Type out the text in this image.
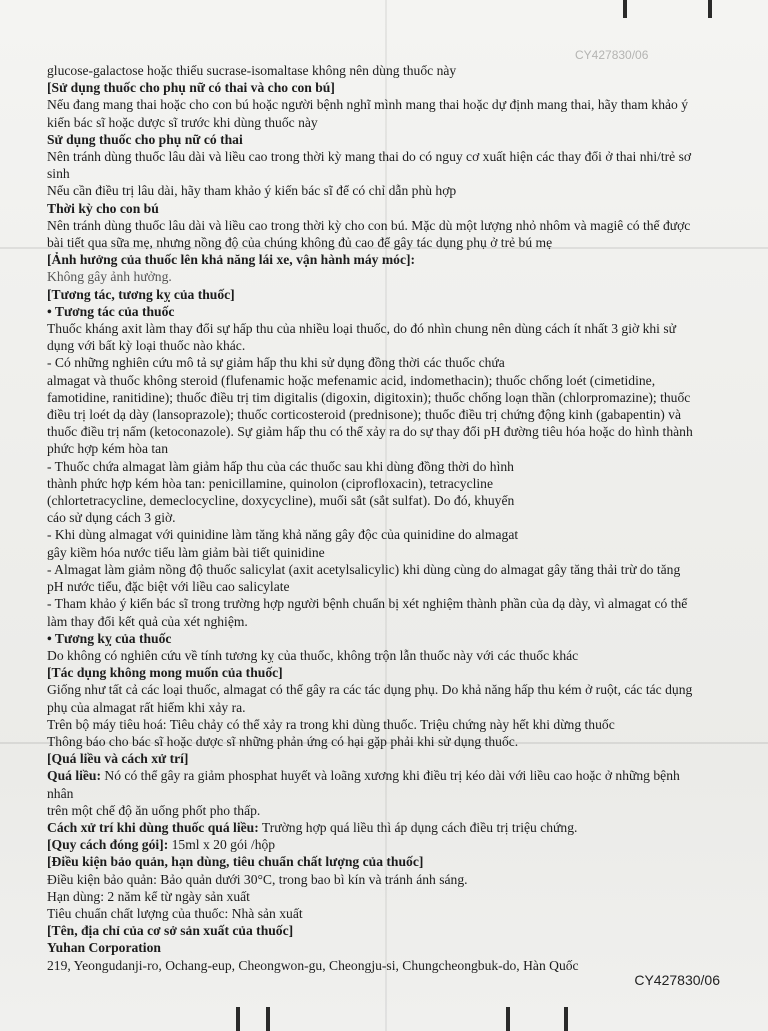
CY427830/06

glucose-galactose hoặc thiếu sucrase-isomaltase không nên dùng thuốc này

[Sử dụng thuốc cho phụ nữ có thai và cho con bú]

Nếu đang mang thai hoặc cho con bú hoặc người bệnh nghĩ mình mang thai hoặc dự định mang thai, hãy tham khảo ý

kiến bác sĩ hoặc dược sĩ trước khi dùng thuốc này

Sử dụng thuốc cho phụ nữ có thai

Nên tránh dùng thuốc lâu dài và liều cao trong thời kỳ mang thai do có nguy cơ xuất hiện các thay đổi ở thai nhi/trẻ sơ sinh

Nếu cần điều trị lâu dài, hãy tham khảo ý kiến bác sĩ để có chỉ dẫn phù hợp

Thời kỳ cho con bú

Nên tránh dùng thuốc lâu dài và liều cao trong thời kỳ cho con bú. Mặc dù một lượng nhỏ nhôm và magiê có thể được

bài tiết qua sữa mẹ, nhưng nồng độ của chúng không đủ cao để gây tác dụng phụ ở trẻ bú mẹ

[Ảnh hưởng của thuốc lên khả năng lái xe, vận hành máy móc]:

Không gây ảnh hưởng.

[Tương tác, tương kỵ của thuốc]

• Tương tác của thuốc

Thuốc kháng axit làm thay đổi sự hấp thu của nhiều loại thuốc, do đó nhìn chung nên dùng cách ít nhất 3 giờ khi sử

dụng với bất kỳ loại thuốc nào khác.

- Có những nghiên cứu mô tả sự giảm hấp thu khi sử dụng đồng thời các thuốc chứa

almagat và thuốc không steroid (flufenamic hoặc mefenamic acid, indomethacin); thuốc chống loét (cimetidine,

famotidine, ranitidine); thuốc điều trị tim digitalis (digoxin, digitoxin); thuốc chống loạn thần (chlorpromazine); thuốc

điều trị loét dạ dày (lansoprazole); thuốc corticosteroid (prednisone); thuốc điều trị chứng động kinh (gabapentin) và

thuốc điều trị nấm (ketoconazole). Sự giảm hấp thu có thể xảy ra do sự thay đổi pH đường tiêu hóa hoặc do hình thành

phức hợp kém hòa tan

- Thuốc chứa almagat làm giảm hấp thu của các thuốc sau khi dùng đồng thời do hình

thành phức hợp kém hòa tan: penicillamine, quinolon (ciprofloxacin), tetracycline

(chlortetracycline, demeclocycline, doxycycline), muối sắt (sắt sulfat). Do đó, khuyến

cáo sử dụng cách 3 giờ.

- Khi dùng almagat với quinidine làm tăng khả năng gây độc của quinidine do almagat

gây kiềm hóa nước tiểu làm giảm bài tiết quinidine

- Almagat làm giảm nồng độ thuốc salicylat (axit acetylsalicylic) khi dùng cùng do almagat gây tăng thải trừ do tăng

pH nước tiểu, đặc biệt với liều cao salicylate

- Tham khảo ý kiến bác sĩ trong trường hợp người bệnh chuẩn bị xét nghiệm thành phần của dạ dày, vì almagat có thể

làm thay đổi kết quả của xét nghiệm.

• Tương kỵ của thuốc

Do không có nghiên cứu về tính tương kỵ của thuốc, không trộn lẫn thuốc này với các thuốc khác

[Tác dụng không mong muốn của thuốc]

Giống như tất cả các loại thuốc, almagat có thể gây ra các tác dụng phụ. Do khả năng hấp thu kém ở ruột, các tác dụng

phụ của almagat rất hiếm khi xảy ra.

Trên bộ máy tiêu hoá: Tiêu chảy có thể xảy ra trong khi dùng thuốc. Triệu chứng này hết khi dừng thuốc

Thông báo cho bác sĩ hoặc dược sĩ những phản ứng có hại gặp phải khi sử dụng thuốc.

[Quá liều và cách xử trí]

Quá liều: Nó có thể gây ra giảm phosphat huyết và loãng xương khi điều trị kéo dài với liều cao hoặc ở những bệnh nhân

trên một chế độ ăn uống phốt pho thấp.

Cách xử trí khi dùng thuốc quá liều: Trường hợp quá liều thì áp dụng cách điều trị triệu chứng.

[Quy cách đóng gói]: 15ml x 20 gói /hộp

[Điều kiện bảo quản, hạn dùng, tiêu chuẩn chất lượng của thuốc]

Điều kiện bảo quản: Bảo quản dưới 30°C, trong bao bì kín và tránh ánh sáng.

Hạn dùng: 2 năm kể từ ngày sản xuất

Tiêu chuẩn chất lượng của thuốc: Nhà sản xuất

[Tên, địa chỉ của cơ sở sản xuất của thuốc]

Yuhan Corporation

219, Yeongudanji-ro, Ochang-eup, Cheongwon-gu, Cheongju-si, Chungcheongbuk-do, Hàn Quốc

CY427830/06
